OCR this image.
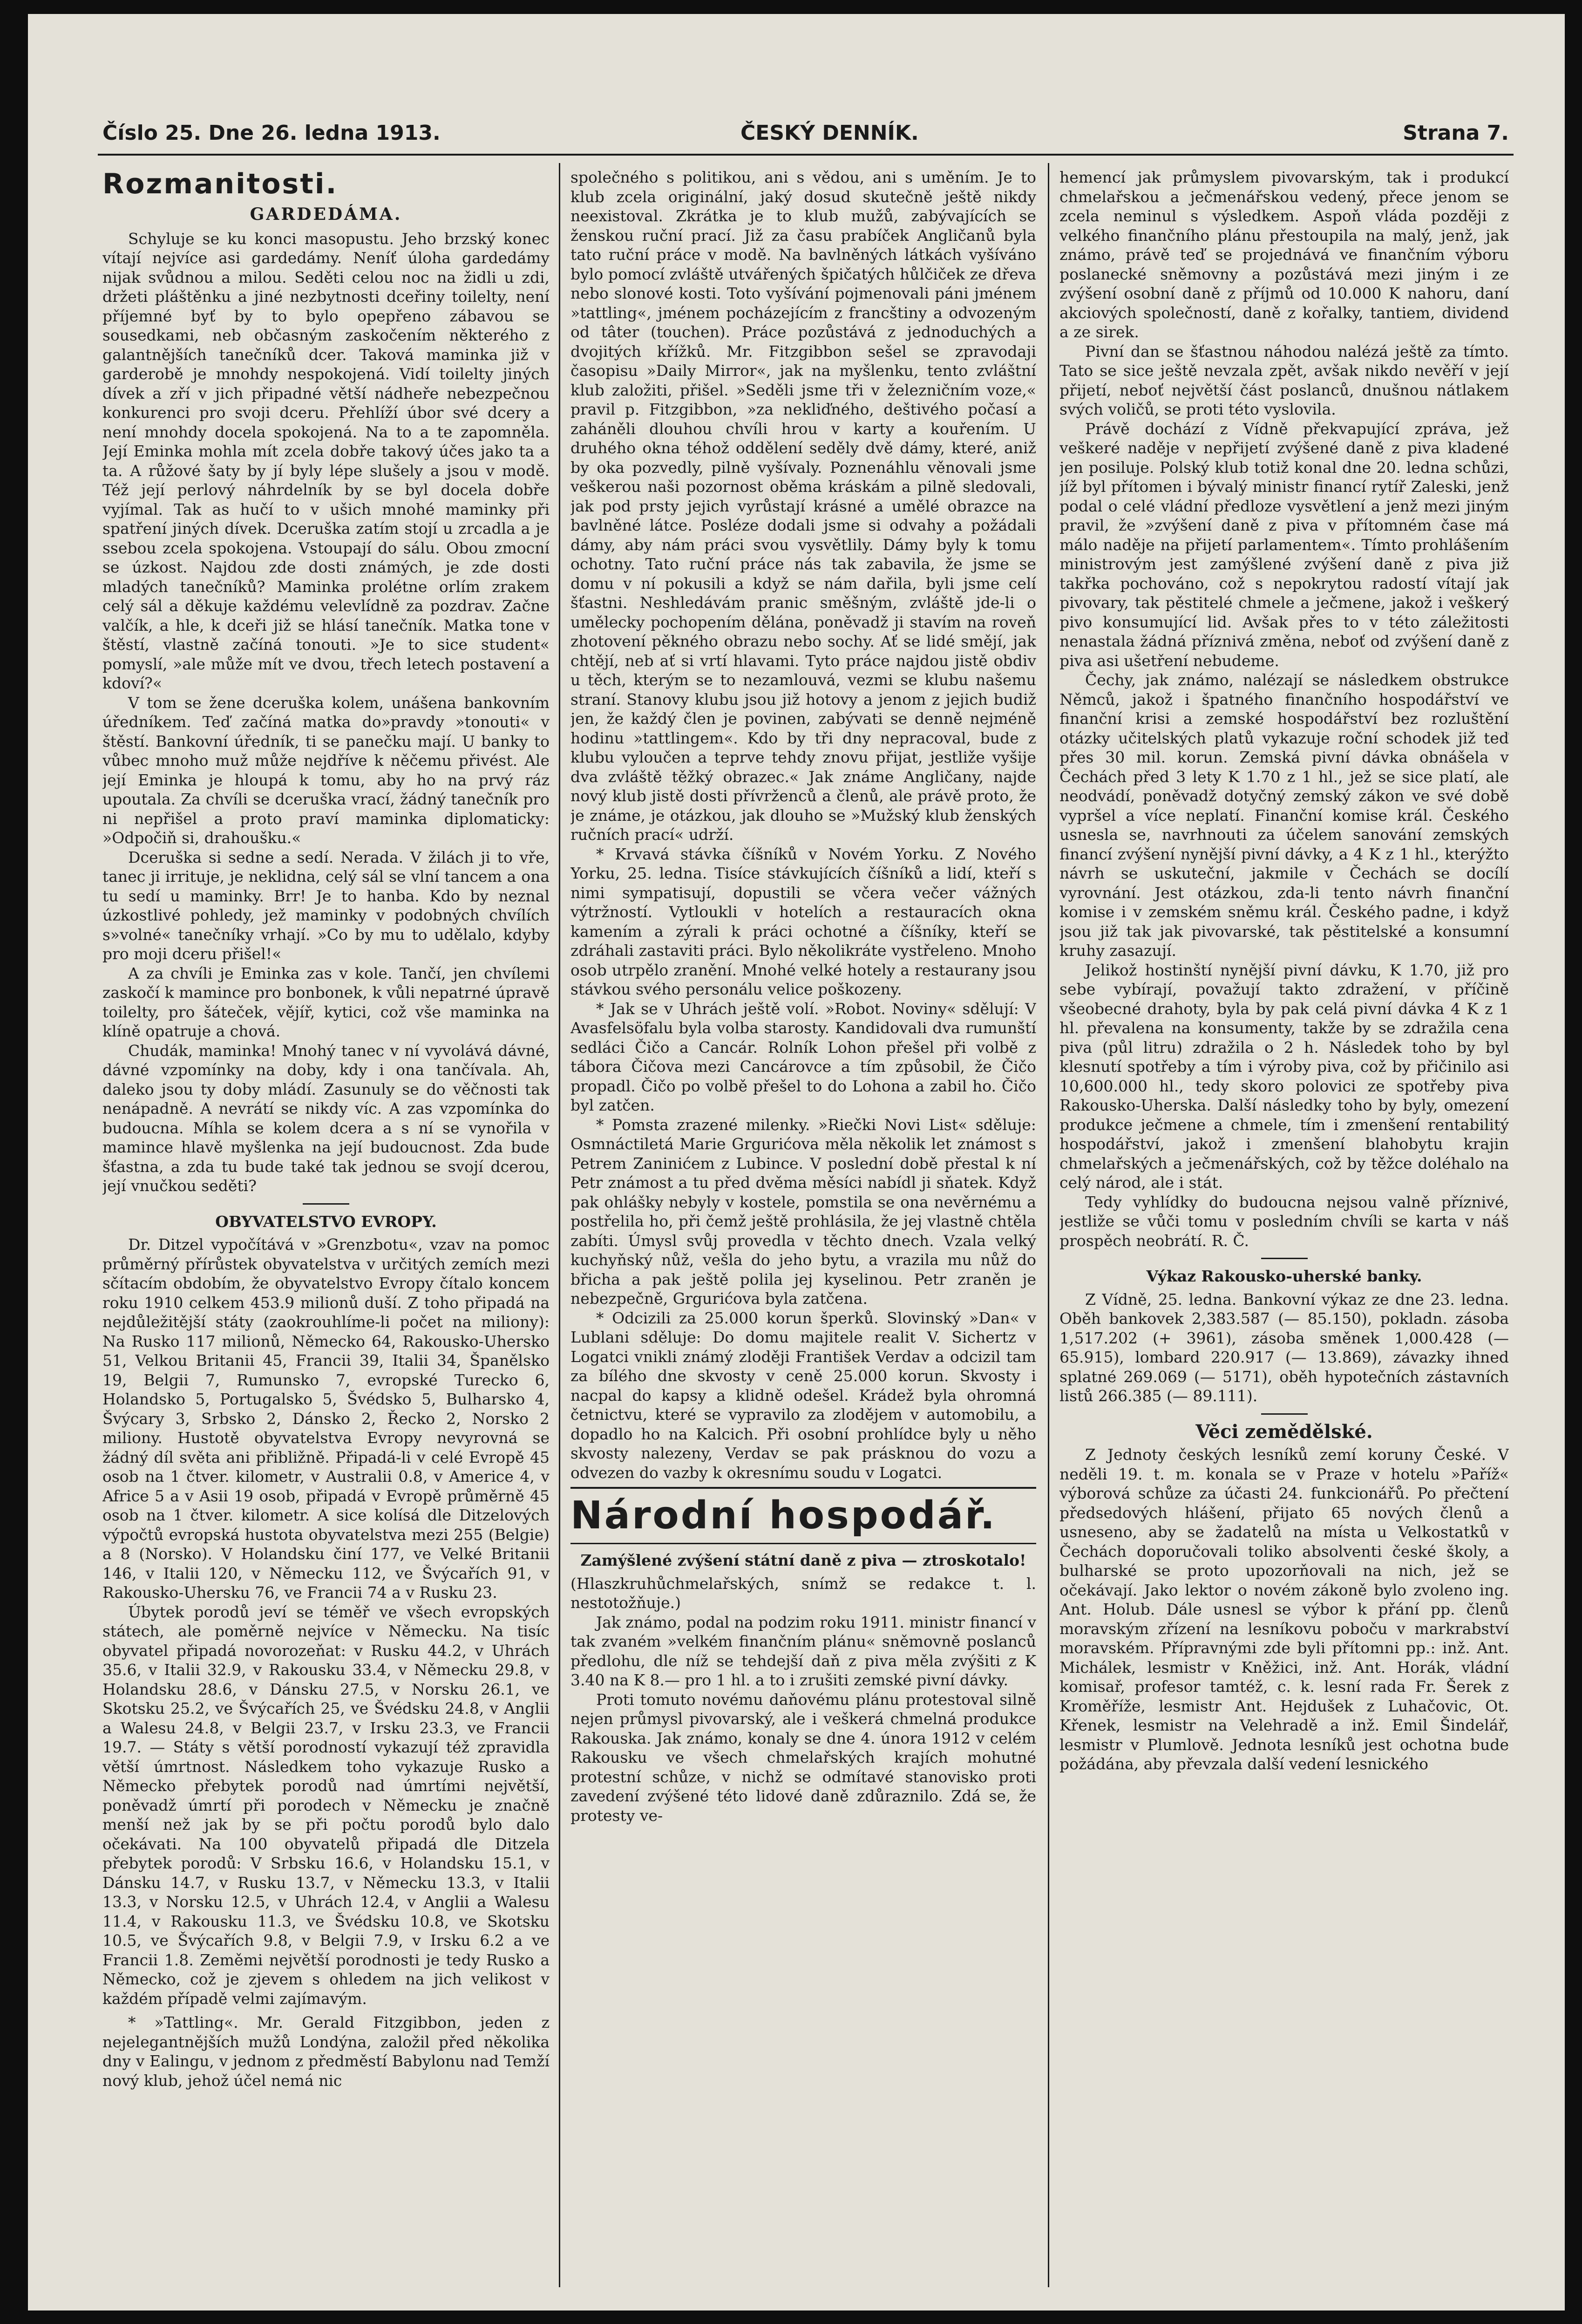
Číslo 25. Dne 26. ledna 1913.	ČESKÝ DENNÍK.	Strana 7.
Rozmanitosti.
GARDEDÁMA.

Schyluje se ku konci masopustu. Jeho brzský konec vítají nejvíce asi gardedámy. Neníť úloha gardedámy nijak svůdnou a milou. Seděti celou noc na židli u zdi, držeti pláštěnku a jiné nezbytnosti dceřiny toilelty, není příjemné byť by to bylo opepřeno zábavou se sousedkami, neb občasným zaskočením některého z galantnějších tanečníků dcer. Taková maminka již v garderobě je mnohdy nespokojená. Vidí toilelty jiných dívek a zří v jich připadné větší nádheře nebezpečnou konkurenci pro svoji dceru. Přehlíží úbor své dcery a není mnohdy docela spokojená. Na to a te zapomněla. Její Eminka mohla mít zcela dobře takový účes jako ta a ta. A růžové šaty by jí byly lépe slušely a jsou v modě. Též její perlový náhrdelník by se byl docela dobře vyjímal. Tak as hučí to v ušich mnohé maminky při spatření jiných dívek. Dceruška zatím stojí u zrcadla a je ssebou zcela spokojena. Vstoupají do sálu. Obou zmocní se úzkost. Najdou zde dosti známých, je zde dosti mladých tanečníků? Maminka prolétne orlím zrakem celý sál a děkuje každému velevlídně za pozdrav. Začne valčík, a hle, k dceři již se hlásí tanečník. Matka tone v štěstí, vlastně začíná tonouti. »Je to sice student« pomyslí, »ale může mít ve dvou, třech letech postavení a kdoví?«

V tom se žene dceruška kolem, unášena bankovním úředníkem. Teď začíná matka do»pravdy »tonouti« v štěstí. Bankovní úředník, ti se panečku mají. U banky to vůbec mnoho muž může nejdříve k něčemu přivést. Ale její Eminka je hloupá k tomu, aby ho na prvý ráz upoutala. Za chvíli se dceruška vrací, žádný tanečník pro ni nepřišel a proto praví maminka diplomaticky: »Odpočiň si, drahoušku.«

Dceruška si sedne a sedí. Nerada. V žilách ji to vře, tanec ji irrituje, je neklidna, celý sál se vlní tancem a ona tu sedí u maminky. Brr! Je to hanba. Kdo by neznal úzkostlivé pohledy, jež maminky v podobných chvílích s»volné« tanečníky vrhají. »Co by mu to udělalo, kdyby pro moji dceru přišel!«

A za chvíli je Eminka zas v kole. Tančí, jen chvílemi zaskočí k mamince pro bonbonek, k vůli nepatrné úpravě toilelty, pro šáteček, vějíř, kytici, což vše maminka na klíně opatruje a chová.

Chudák, maminka! Mnohý tanec v ní vyvolává dávné, dávné vzpomínky na doby, kdy i ona tančívala. Ah, daleko jsou ty doby mládí. Zasunuly se do věčnosti tak nenápadně. A nevrátí se nikdy víc. A zas vzpomínka do budoucna. Míhla se kolem dcera a s ní se vynořila v mamince hlavě myšlenka na její budoucnost. Zda bude šťastna, a zda tu bude také tak jednou se svojí dcerou, její vnučkou seděti?

OBYVATELSTVO EVROPY.

Dr. Ditzel vypočítává v »Grenzbotu«, vzav na pomoc průměrný přírůstek obyvatelstva v určitých zemích mezi sčítacím obdobím, že obyvatelstvo Evropy čítalo koncem roku 1910 celkem 453.9 milionů duší. Z toho připadá na nejdůležitější státy (zaokrouhlíme-li počet na miliony): Na Rusko 117 milionů, Německo 64, Rakousko-Uhersko 51, Velkou Britanii 45, Francii 39, Italii 34, Španělsko 19, Belgii 7, Rumunsko 7, evropské Turecko 6, Holandsko 5, Portugalsko 5, Švédsko 5, Bulharsko 4, Švýcary 3, Srbsko 2, Dánsko 2, Řecko 2, Norsko 2 miliony. Hustotě obyvatelstva Evropy nevyrovná se žádný díl světa ani přibližně. Připadá-li v celé Evropě 45 osob na 1 čtver. kilometr, v Australii 0.8, v Americe 4, v Africe 5 a v Asii 19 osob, připadá v Evropě průměrně 45 osob na 1 čtver. kilometr. A sice kolísá dle Ditzelových výpočtů evropská hustota obyvatelstva mezi 255 (Belgie) a 8 (Norsko). V Holandsku činí 177, ve Velké Britanii 146, v Italii 120, v Německu 112, ve Švýcařích 91, v Rakousko-Uhersku 76, ve Francii 74 a v Rusku 23.

Úbytek porodů jeví se téměř ve všech evropských státech, ale poměrně nejvíce v Německu. Na tisíc obyvatel připadá novorozeňat: v Rusku 44.2, v Uhrách 35.6, v Italii 32.9, v Rakousku 33.4, v Německu 29.8, v Holandsku 28.6, v Dánsku 27.5, v Norsku 26.1, ve Skotsku 25.2, ve Švýcařích 25, ve Švédsku 24.8, v Anglii a Walesu 24.8, v Belgii 23.7, v Irsku 23.3, ve Francii 19.7. — Státy s větší porodností vykazují též zpravidla větší úmrtnost. Následkem toho vykazuje Rusko a Německo přebytek porodů nad úmrtími největší, poněvadž úmrtí při porodech v Německu je značně menší než jak by se při počtu porodů bylo dalo očekávati. Na 100 obyvatelů připadá dle Ditzela přebytek porodů: V Srbsku 16.6, v Holandsku 15.1, v Dánsku 14.7, v Rusku 13.7, v Německu 13.3, v Italii 13.3, v Norsku 12.5, v Uhrách 12.4, v Anglii a Walesu 11.4, v Rakousku 11.3, ve Švédsku 10.8, ve Skotsku 10.5, ve Švýcařích 9.8, v Belgii 7.9, v Irsku 6.2 a ve Francii 1.8. Zeměmi největší porodnosti je tedy Rusko a Německo, což je zjevem s ohledem na jich velikost v každém případě velmi zajímavým.

* »Tattling«. Mr. Gerald Fitzgibbon, jeden z nejelegantnějších mužů Londýna, založil před několika dny v Ealingu, v jednom z předměstí Babylonu nad Temží nový klub, jehož účel nemá nic

společného s politikou, ani s vědou, ani s uměním. Je to klub zcela originální, jaký dosud skutečně ještě nikdy neexistoval. Zkrátka je to klub mužů, zabývajících se ženskou ruční prací. Již za času prabíček Angličanů byla tato ruční práce v modě. Na bavlněných látkách vyšíváno bylo pomocí zvláště utvářených špičatých hůlčiček ze dřeva nebo slonové kosti. Toto vyšívání pojmenovali páni jménem »tattling«, jménem pocházejícím z francštiny a odvozeným od tâter (touchen). Práce pozůstává z jednoduchých a dvojitých křížků. Mr. Fitzgibbon sešel se zpravodaji časopisu »Daily Mirror«, jak na myšlenku, tento zvláštní klub založiti, přišel. »Seděli jsme tři v železničním voze,« pravil p. Fitzgibbon, »za nekliďného, deštivého počasí a zaháněli dlouhou chvíli hrou v karty a kouřením. U druhého okna téhož oddělení seděly dvě dámy, které, aniž by oka pozvedly, pilně vyšívaly. Poznenáhlu věnovali jsme veškerou naši pozornost oběma kráskám a pilně sledovali, jak pod prsty jejich vyrůstají krásné a umělé obrazce na bavlněné látce. Posléze dodali jsme si odvahy a požádali dámy, aby nám práci svou vysvětlily. Dámy byly k tomu ochotny. Tato ruční práce nás tak zabavila, že jsme se domu v ní pokusili a když se nám dařila, byli jsme celí šťastni. Neshledávám pranic směšným, zvláště jde-li o umělecky pochopením dělána, poněvadž ji stavím na roveň zhotovení pěkného obrazu nebo sochy. Ať se lidé smějí, jak chtějí, neb ať si vrtí hlavami. Tyto práce najdou jistě obdiv u těch, kterým se to nezamlouvá, vezmi se klubu našemu straní. Stanovy klubu jsou již hotovy a jenom z jejich budiž jen, že každý člen je povinen, zabývati se denně nejméně hodinu »tattlingem«. Kdo by tři dny nepracoval, bude z klubu vyloučen a teprve tehdy znovu přijat, jestliže vyšije dva zvláště těžký obrazec.« Jak známe Angličany, najde nový klub jistě dosti přívrženců a členů, ale právě proto, že je známe, je otázkou, jak dlouho se »Mužský klub ženských ručních prací« udrží.

* Krvavá stávka číšníků v Novém Yorku. Z Nového Yorku, 25. ledna. Tisíce stávkujících číšníků a lidí, kteří s nimi sympatisují, dopustili se včera večer vážných výtržností. Vytloukli v hotelích a restauracích okna kamením a zýrali k práci ochotné a číšníky, kteří se zdráhali zastaviti práci. Bylo několikráte vystřeleno. Mnoho osob utrpělo zranění. Mnohé velké hotely a restaurany jsou stávkou svého personálu velice poškozeny.

* Jak se v Uhrách ještě volí. »Robot. Noviny« sdělují: V Avasfelsöfalu byla volba starosty. Kandidovali dva rumunští sedláci Čičo a Cancár. Rolník Lohon přešel při volbě z tábora Čičova mezi Cancárovce a tím způsobil, že Čičo propadl. Čičo po volbě přešel to do Lohona a zabil ho. Čičo byl zatčen.

* Pomsta zrazené milenky. »Riečki Novi List« sděluje: Osmnáctiletá Marie Grgurićova měla několik let známost s Petrem Zaninićem z Lubince. V poslední době přestal k ní Petr známost a tu před dvěma měsíci nabídl ji sňatek. Když pak ohlášky nebyly v kostele, pomstila se ona nevěrnému a postřelila ho, při čemž ještě prohlásila, že jej vlastně chtěla zabíti. Úmysl svůj provedla v těchto dnech. Vzala velký kuchyňský nůž, vešla do jeho bytu, a vrazila mu nůž do břicha a pak ještě polila jej kyselinou. Petr zraněn je nebezpečně, Grgurićova byla zatčena.

* Odcizili za 25.000 korun šperků. Slovinský »Dan« v Lublani sděluje: Do domu majitele realit V. Sichertz v Logatci vnikli známý zloději František Verdav a odcizil tam za bílého dne skvosty v ceně 25.000 korun. Skvosty i nacpal do kapsy a klidně odešel. Krádež byla ohromná četnictvu, které se vypravilo za zlodějem v automobilu, a dopadlo ho na Kalcich. Při osobní prohlídce byly u něho skvosty nalezeny, Verdav se pak prásknou do vozu a odvezen do vazby k okresnímu soudu v Logatci.

Národní hospodář.
Zamýšlené zvýšení státní daně z piva — ztroskotalo!

(Hlaszkruhůchmelařských, snímž se redakce t. l. nestotožňuje.)

Jak známo, podal na podzim roku 1911. ministr financí v tak zvaném »velkém finančním plánu« sněmovně poslanců předlohu, dle níž se tehdejší daň z piva měla zvýšiti z K 3.40 na K 8.— pro 1 hl. a to i zrušiti zemské pivní dávky.

Proti tomuto novému daňovému plánu protestoval silně nejen průmysl pivovarský, ale i veškerá chmelná produkce Rakouska. Jak známo, konaly se dne 4. února 1912 v celém Rakousku ve všech chmelařských krajích mohutné protestní schůze, v nichž se odmítavé stanovisko proti zavedení zvýšené této lidové daně zdůraznilo. Zdá se, že protesty ve-

hemencí jak průmyslem pivovarským, tak i produkcí chmelařskou a ječmenářskou vedený, přece jenom se zcela neminul s výsledkem. Aspoň vláda později z velkého finančního plánu přestoupila na malý, jenž, jak známo, právě teď se projednává ve finančním výboru poslanecké sněmovny a pozůstává mezi jiným i ze zvýšení osobní daně z příjmů od 10.000 K nahoru, daní akciových společností, daně z kořalky, tantiem, dividend a ze sirek.

Pivní dan se šťastnou náhodou nalézá ještě za tímto. Tato se sice ještě nevzala zpět, avšak nikdo nevěří v její přijetí, neboť největší část poslanců, dnušnou nátlakem svých voličů, se proti této vyslovila.

Právě dochází z Vídně překvapující zpráva, jež veškeré naděje v nepřijetí zvýšené daně z piva kladené jen posiluje. Polský klub totiž konal dne 20. ledna schůzi, jíž byl přítomen i bývalý ministr financí rytíř Zaleski, jenž podal o celé vládní předloze vysvětlení a jenž mezi jiným pravil, že »zvýšení daně z piva v přítomném čase má málo naděje na přijetí parlamentem«. Tímto prohlášením ministrovým jest zamýšlené zvýšení daně z piva již takřka pochováno, což s nepokrytou radostí vítají jak pivovary, tak pěstitelé chmele a ječmene, jakož i veškerý pivo konsumující lid. Avšak přes to v této záležitosti nenastala žádná příznivá změna, neboť od zvýšení daně z piva asi ušetření nebudeme.

Čechy, jak známo, nalézají se následkem obstrukce Němců, jakož i špatného finančního hospodářství ve finanční krisi a zemské hospodářství bez rozluštění otázky učitelských platů vykazuje roční schodek již teď přes 30 mil. korun. Zemská pivní dávka obnášela v Čechách před 3 lety K 1.70 z 1 hl., jež se sice platí, ale neodvádí, poněvadž dotyčný zemský zákon ve své době vypršel a více neplatí. Finanční komise král. Českého usnesla se, navrhnouti za účelem sanování zemských financí zvýšení nynější pivní dávky, a 4 K z 1 hl., kterýžto návrh se uskuteční, jakmile v Čechách se docílí vyrovnání. Jest otázkou, zda-li tento návrh finanční komise i v zemském sněmu král. Českého padne, i když jsou již tak jak pivovarské, tak pěstitelské a konsumní kruhy zasazují.

Jelikož hostinští nynější pivní dávku, K 1.70, již pro sebe vybírají, považují takto zdražení, v příčině všeobecné drahoty, byla by pak celá pivní dávka 4 K z 1 hl. převalena na konsumenty, takže by se zdražila cena piva (půl litru) zdražila o 2 h. Následek toho by byl klesnutí spotřeby a tím i výroby piva, což by přičinilo asi 10,600.000 hl., tedy skoro polovici ze spotřeby piva Rakousko-Uherska. Další následky toho by byly, omezení produkce ječmene a chmele, tím i zmenšení rentabilitý hospodářství, jakož i zmenšení blahobytu krajin chmelařských a ječmenářských, což by těžce doléhalo na celý národ, ale i stát.

Tedy vyhlídky do budoucna nejsou valně příznivé, jestliže se vůči tomu v posledním chvíli se karta v náš prospěch neobrátí. R. Č.

Výkaz Rakousko-uherské banky.

Z Vídně, 25. ledna. Bankovní výkaz ze dne 23. ledna. Oběh bankovek 2,383.587 (— 85.150), pokladn. zásoba 1,517.202 (+ 3961), zásoba směnek 1,000.428 (— 65.915), lombard 220.917 (— 13.869), závazky ihned splatné 269.069 (— 5171), oběh hypotečních zástavních listů 266.385 (— 89.111).

Věci zemědělské.

Z Jednoty českých lesníků zemí koruny České. V neděli 19. t. m. konala se v Praze v hotelu »Paříž« výborová schůze za účasti 24. funkcionářů. Po přečtení předsedových hlášení, přijato 65 nových členů a usneseno, aby se žadatelů na místa u Velkostatků v Čechách doporučovali toliko absolventi české školy, a bulharské se proto upozorňovali na nich, jež se očekávají. Jako lektor o novém zákoně bylo zvoleno ing. Ant. Holub. Dále usnesl se výbor k přání pp. členů moravským zřízení na lesníkovu poboču v markrabství moravském. Přípravnými zde byli přítomni pp.: inž. Ant. Michálek, lesmistr v Kněžici, inž. Ant. Horák, vládní komisař, profesor tamtéž, c. k. lesní rada Fr. Šerek z Kroměříže, lesmistr Ant. Hejdušek z Luhačovic, Ot. Křenek, lesmistr na Velehradě a inž. Emil Šindelář, lesmistr v Plumlově. Jednota lesníků jest ochotna bude požádána, aby převzala další vedení lesnického
